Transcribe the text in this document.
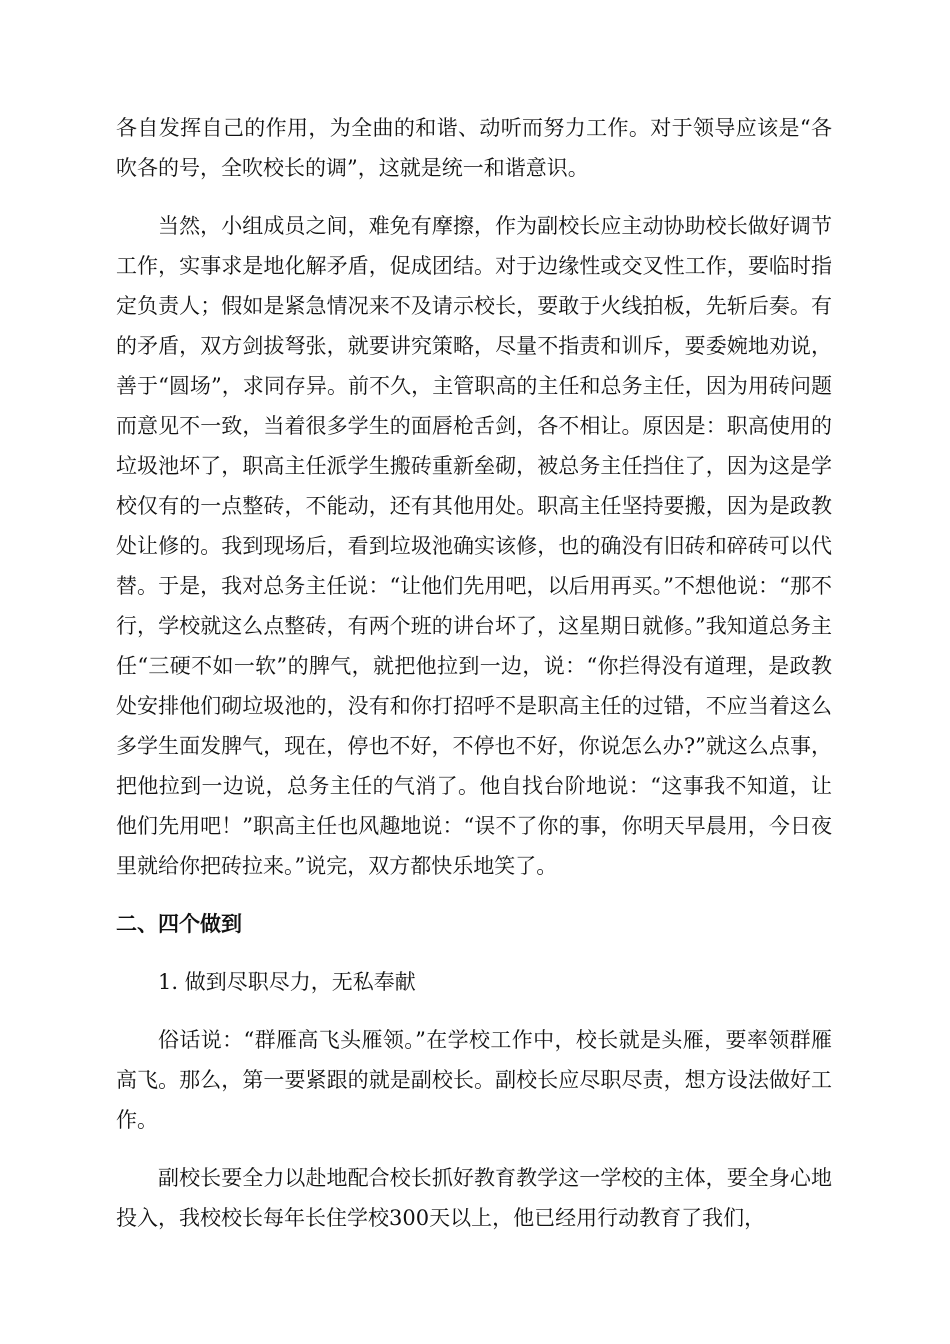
各自发挥自己的作用，为全曲的和谐、动听而努力工作。对于领导应该是“各吹各的号，全吹校长的调”，这就是统一和谐意识。

当然，小组成员之间，难免有摩擦，作为副校长应主动协助校长做好调节工作，实事求是地化解矛盾，促成团结。对于边缘性或交叉性工作，要临时指定负责人；假如是紧急情况来不及请示校长，要敢于火线拍板，先斩后奏。有的矛盾，双方剑拔弩张，就要讲究策略，尽量不指责和训斥，要委婉地劝说，善于“圆场”，求同存异。前不久，主管职高的主任和总务主任，因为用砖问题而意见不一致，当着很多学生的面唇枪舌剑，各不相让。原因是：职高使用的垃圾池坏了，职高主任派学生搬砖重新垒砌，被总务主任挡住了，因为这是学校仅有的一点整砖，不能动，还有其他用处。职高主任坚持要搬，因为是政教处让修的。我到现场后，看到垃圾池确实该修，也的确没有旧砖和碎砖可以代替。于是，我对总务主任说：“让他们先用吧，以后用再买。”不想他说：“那不行，学校就这么点整砖，有两个班的讲台坏了，这星期日就修。”我知道总务主任“三硬不如一软”的脾气，就把他拉到一边，说：“你拦得没有道理，是政教处安排他们砌垃圾池的，没有和你打招呼不是职高主任的过错，不应当着这么多学生面发脾气，现在，停也不好，不停也不好，你说怎么办?”就这么点事，把他拉到一边说，总务主任的气消了。他自找台阶地说：“这事我不知道，让他们先用吧！”职高主任也风趣地说：“误不了你的事，你明天早晨用，今日夜里就给你把砖拉来。”说完，双方都快乐地笑了。

二、四个做到
1. 做到尽职尽力，无私奉献

俗话说：“群雁高飞头雁领。”在学校工作中，校长就是头雁，要率领群雁高飞。那么，第一要紧跟的就是副校长。副校长应尽职尽责，想方设法做好工作。

副校长要全力以赴地配合校长抓好教育教学这一学校的主体，要全身心地投入，我校校长每年长住学校300天以上，他已经用行动教育了我们，
